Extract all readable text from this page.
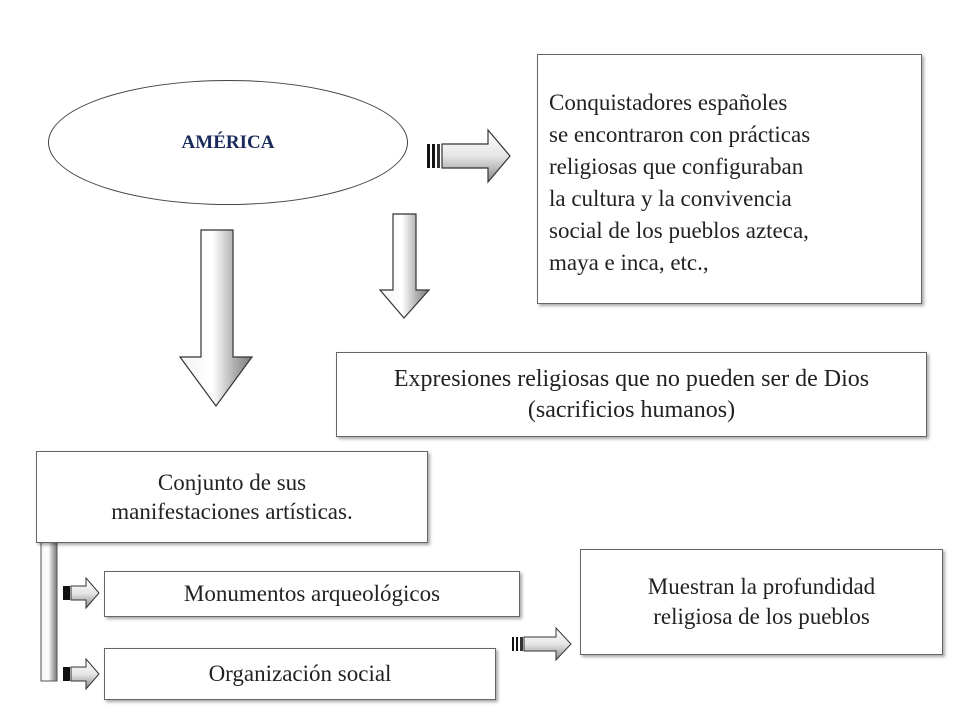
AMÉRICA
Conquistadores españoles
se encontraron con prácticas
religiosas que configuraban
la cultura y la convivencia
social de los pueblos azteca,
maya e inca, etc.,
Expresiones religiosas que no pueden ser de Dios
(sacrificios humanos)
Conjunto de sus
manifestaciones artísticas.
Monumentos arqueológicos
Organización social
Muestran la profundidad
religiosa de los pueblos
